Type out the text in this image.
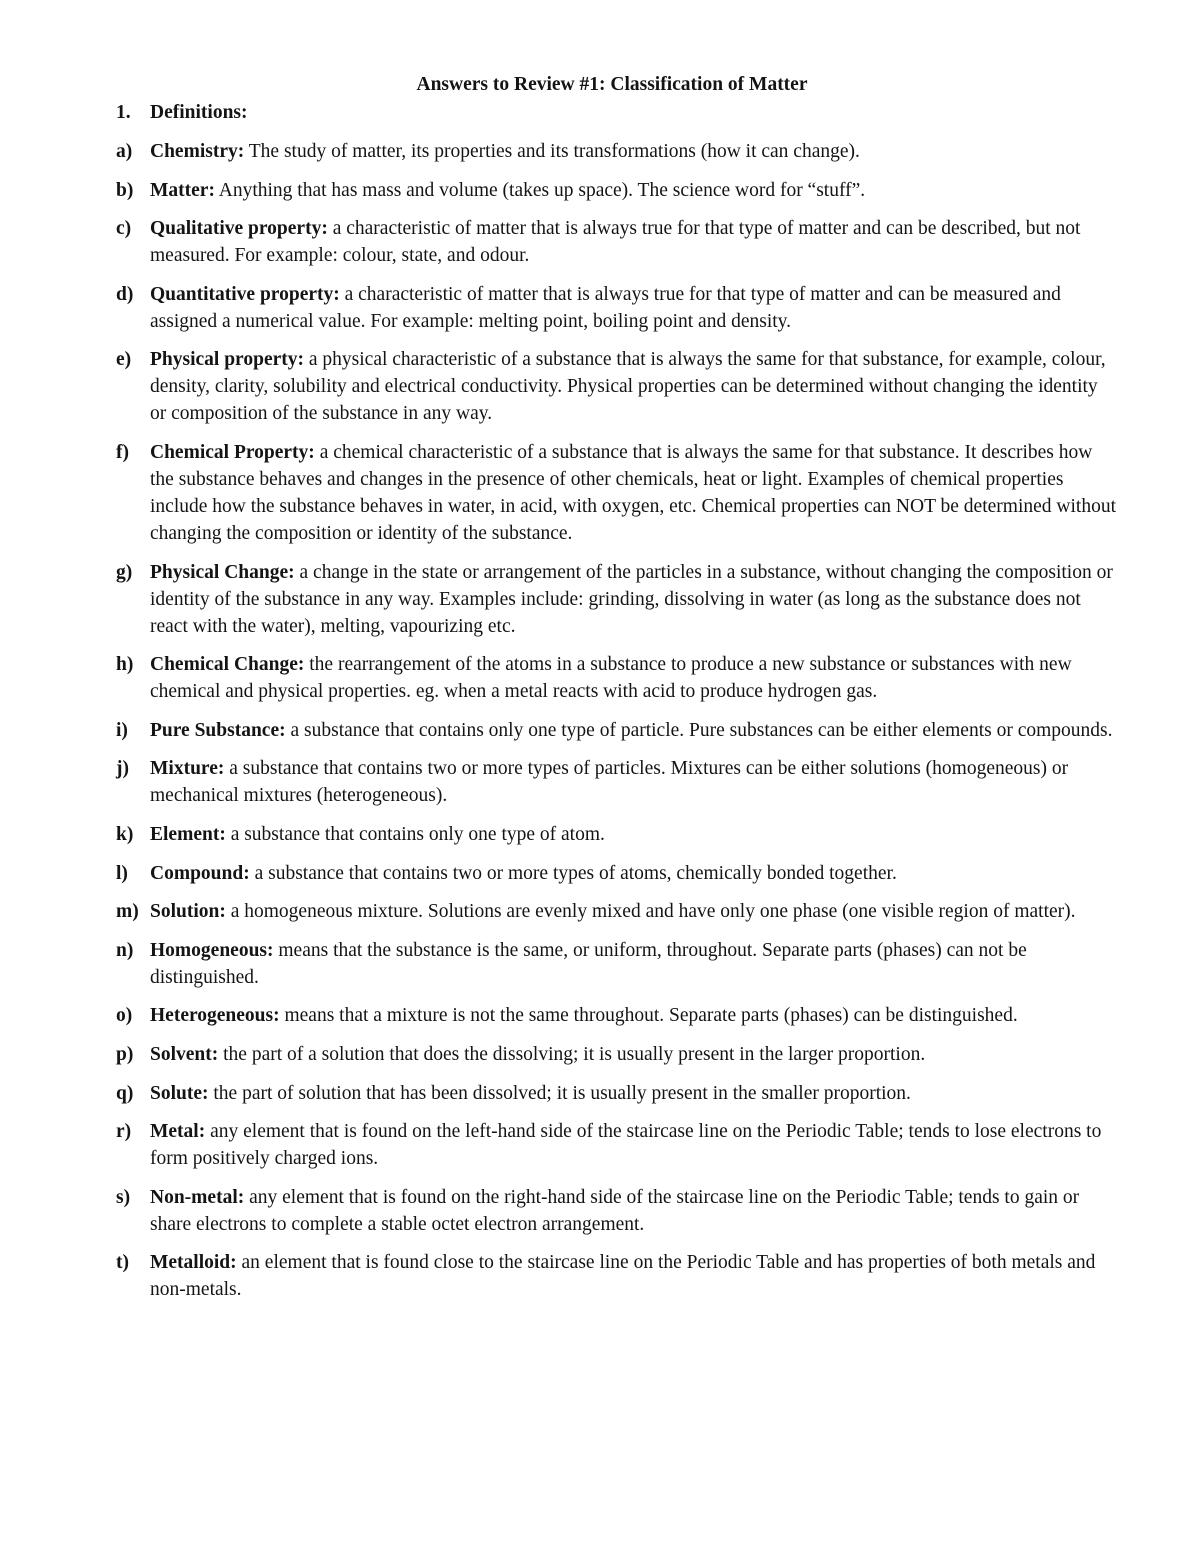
Answers to Review #1: Classification of Matter
1. Definitions:
a) Chemistry: The study of matter, its properties and its transformations (how it can change).
b) Matter: Anything that has mass and volume (takes up space). The science word for “stuff”.
c) Qualitative property: a characteristic of matter that is always true for that type of matter and can be described, but not measured. For example: colour, state, and odour.
d) Quantitative property: a characteristic of matter that is always true for that type of matter and can be measured and assigned a numerical value. For example: melting point, boiling point and density.
e) Physical property: a physical characteristic of a substance that is always the same for that substance, for example, colour, density, clarity, solubility and electrical conductivity. Physical properties can be determined without changing the identity or composition of the substance in any way.
f) Chemical Property: a chemical characteristic of a substance that is always the same for that substance. It describes how the substance behaves and changes in the presence of other chemicals, heat or light. Examples of chemical properties include how the substance behaves in water, in acid, with oxygen, etc. Chemical properties can NOT be determined without changing the composition or identity of the substance.
g) Physical Change: a change in the state or arrangement of the particles in a substance, without changing the composition or identity of the substance in any way. Examples include: grinding, dissolving in water (as long as the substance does not react with the water), melting, vapourizing etc.
h) Chemical Change: the rearrangement of the atoms in a substance to produce a new substance or substances with new chemical and physical properties. eg. when a metal reacts with acid to produce hydrogen gas.
i) Pure Substance: a substance that contains only one type of particle. Pure substances can be either elements or compounds.
j) Mixture: a substance that contains two or more types of particles. Mixtures can be either solutions (homogeneous) or mechanical mixtures (heterogeneous).
k) Element: a substance that contains only one type of atom.
l) Compound: a substance that contains two or more types of atoms, chemically bonded together.
m) Solution: a homogeneous mixture. Solutions are evenly mixed and have only one phase (one visible region of matter).
n) Homogeneous: means that the substance is the same, or uniform, throughout. Separate parts (phases) can not be distinguished.
o) Heterogeneous: means that a mixture is not the same throughout. Separate parts (phases) can be distinguished.
p) Solvent: the part of a solution that does the dissolving; it is usually present in the larger proportion.
q) Solute: the part of solution that has been dissolved; it is usually present in the smaller proportion.
r) Metal: any element that is found on the left-hand side of the staircase line on the Periodic Table; tends to lose electrons to form positively charged ions.
s) Non-metal: any element that is found on the right-hand side of the staircase line on the Periodic Table; tends to gain or share electrons to complete a stable octet electron arrangement.
t) Metalloid: an element that is found close to the staircase line on the Periodic Table and has properties of both metals and non-metals.
